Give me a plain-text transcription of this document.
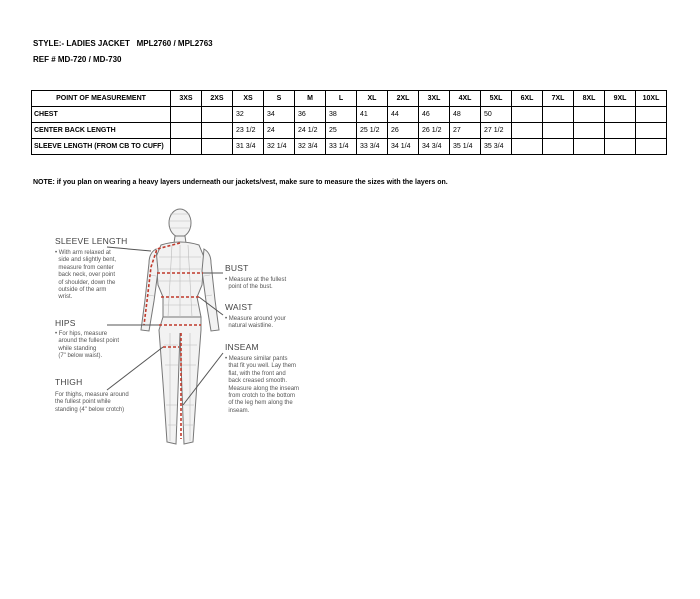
STYLE:- LADIES JACKET   MPL2760 / MPL2763
REF # MD-720 / MD-730
POINT OF MEASUREMENT	3XS	2XS	XS	S	M	L	XL	2XL	3XL	4XL	5XL	6XL	7XL	8XL	9XL	10XL
CHEST			32	34	36	38	41	44	46	48	50					
CENTER BACK LENGTH			23 1/2	24	24 1/2	25	25 1/2	26	26 1/2	27	27 1/2					
SLEEVE LENGTH (FROM CB TO CUFF)			31 3/4	32 1/4	32 3/4	33 1/4	33 3/4	34 1/4	34 3/4	35 1/4	35 3/4					
NOTE: if you plan on wearing a heavy layers underneath our jackets/vest, make sure to measure the sizes with the layers on.
SLEEVE LENGTH
• With arm relaxed at
side and slightly bent,
measure from center
back neck, over point
of shoulder, down the
outside of the arm
wrist.
HIPS
• For hips, measure
around the fullest point
while standing
(7" below waist).
THIGH
For thighs, measure around
the fullest point while
standing (4" below crotch)
BUST
• Measure at the fullest
point of the bust.
WAIST
• Measure around your
natural waistline.
INSEAM
• Measure similar pants
that fit you well. Lay them
flat, with the front and
back creased smooth.
Measure along the inseam
from crotch to the bottom
of the leg hem along the
inseam.
